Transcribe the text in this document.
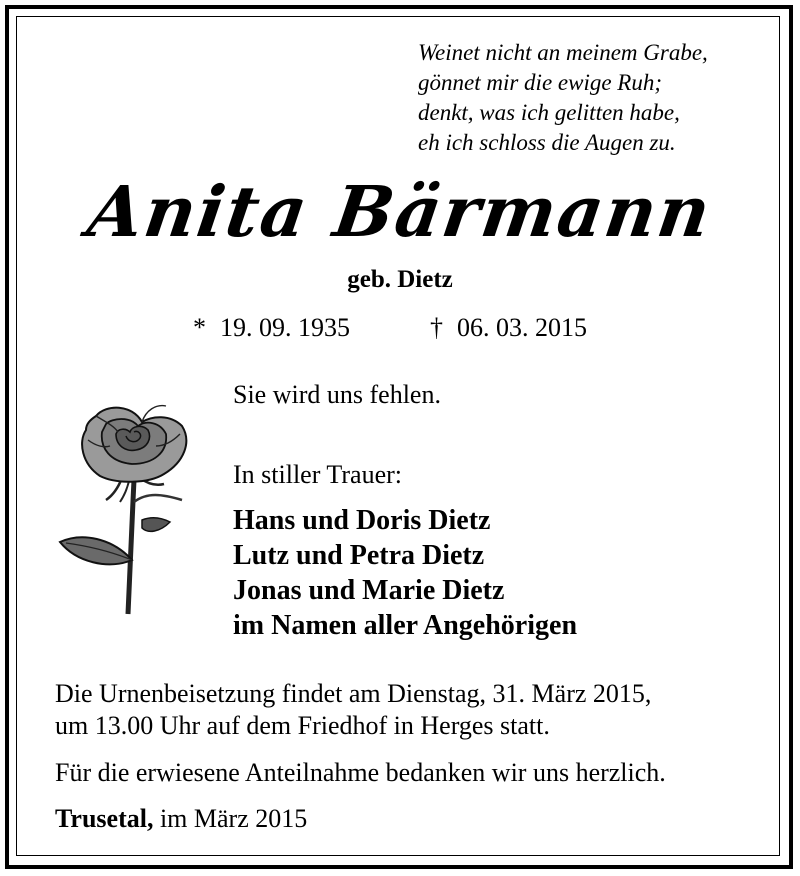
Weinet nicht an meinem Grabe,
gönnet mir die ewige Ruh;
denkt, was ich gelitten habe,
eh ich schloss die Augen zu.
Anita Bärmann
geb. Dietz
* 19. 09. 1935	† 06. 03. 2015
Sie wird uns fehlen.
In stiller Trauer:
Hans und Doris Dietz
Lutz und Petra Dietz
Jonas und Marie Dietz
im Namen aller Angehörigen
Die Urnenbeisetzung findet am Dienstag, 31. März 2015,
um 13.00 Uhr auf dem Friedhof in Herges statt.
Für die erwiesene Anteilnahme bedanken wir uns herzlich.
Trusetal, im März 2015
